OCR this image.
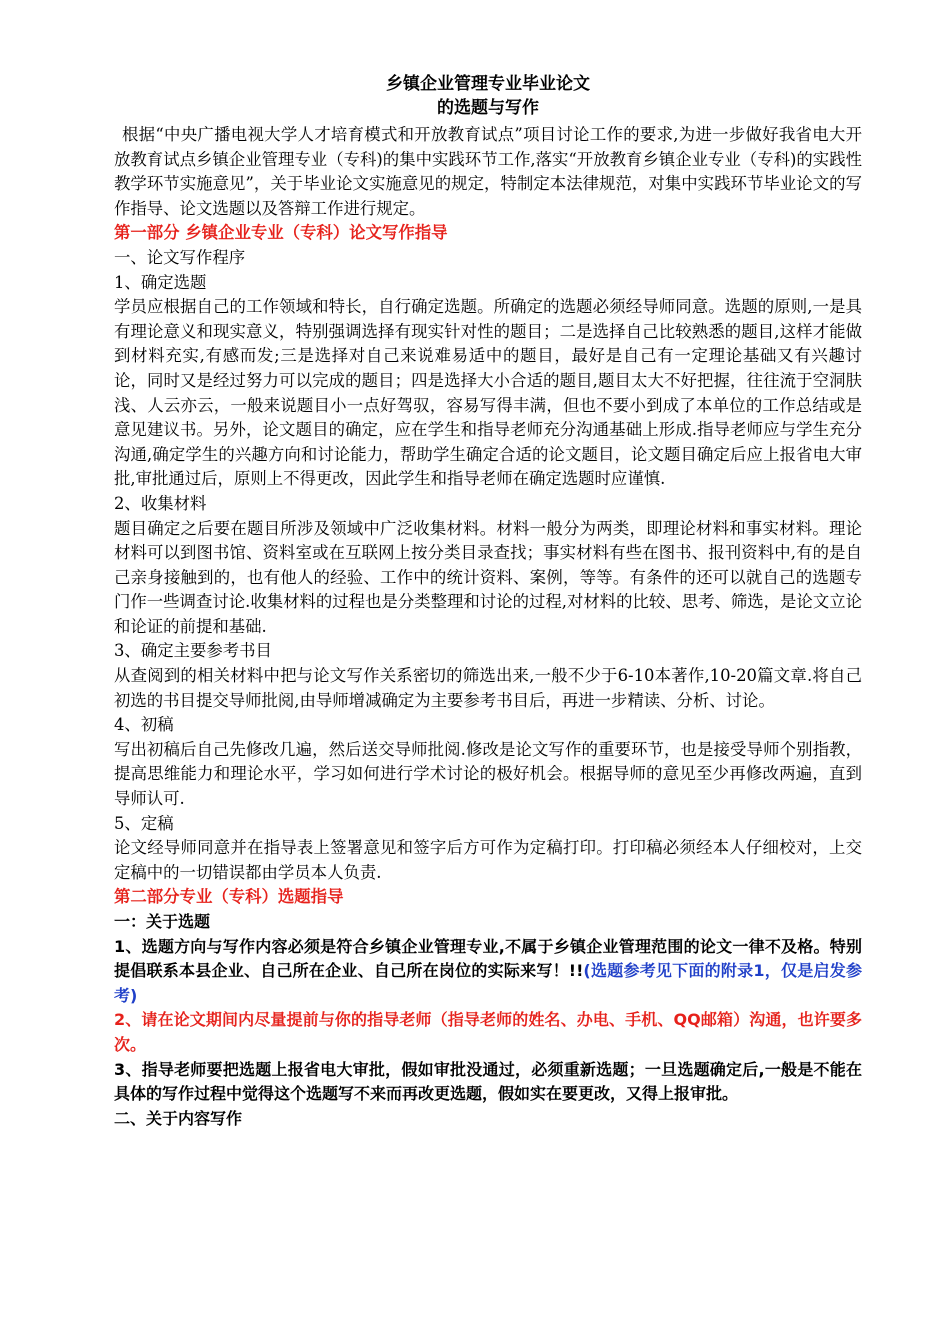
乡镇企业管理专业毕业论文
的选题与写作

根据“中央广播电视大学人才培育模式和开放教育试点”项目讨论工作的要求,为进一步做好我省电大开放教育试点乡镇企业管理专业（专科)的集中实践环节工作,落实“开放教育乡镇企业专业（专科)的实践性教学环节实施意见”，关于毕业论文实施意见的规定，特制定本法律规范，对集中实践环节毕业论文的写作指导、论文选题以及答辩工作进行规定。

第一部分 乡镇企业专业（专科）论文写作指导

一、论文写作程序

1、确定选题

学员应根据自己的工作领域和特长，自行确定选题。所确定的选题必须经导师同意。选题的原则,一是具有理论意义和现实意义，特别强调选择有现实针对性的题目；二是选择自己比较熟悉的题目,这样才能做到材料充实,有感而发;三是选择对自己来说难易适中的题目，最好是自己有一定理论基础又有兴趣讨论，同时又是经过努力可以完成的题目；四是选择大小合适的题目,题目太大不好把握，往往流于空洞肤浅、人云亦云，一般来说题目小一点好驾驭，容易写得丰满，但也不要小到成了本单位的工作总结或是意见建议书。另外，论文题目的确定，应在学生和指导老师充分沟通基础上形成.指导老师应与学生充分沟通,确定学生的兴趣方向和讨论能力，帮助学生确定合适的论文题目，论文题目确定后应上报省电大审批,审批通过后，原则上不得更改，因此学生和指导老师在确定选题时应谨慎.

2、收集材料

题目确定之后要在题目所涉及领域中广泛收集材料。材料一般分为两类，即理论材料和事实材料。理论材料可以到图书馆、资料室或在互联网上按分类目录查找；事实材料有些在图书、报刊资料中,有的是自己亲身接触到的，也有他人的经验、工作中的统计资料、案例，等等。有条件的还可以就自己的选题专门作一些调查讨论.收集材料的过程也是分类整理和讨论的过程,对材料的比较、思考、筛选，是论文立论和论证的前提和基础.

3、确定主要参考书目

从查阅到的相关材料中把与论文写作关系密切的筛选出来,一般不少于6-10本著作,10-20篇文章.将自己初选的书目提交导师批阅,由导师增减确定为主要参考书目后，再进一步精读、分析、讨论。

4、初稿

写出初稿后自己先修改几遍，然后送交导师批阅.修改是论文写作的重要环节，也是接受导师个别指教，提高思维能力和理论水平，学习如何进行学术讨论的极好机会。根据导师的意见至少再修改两遍，直到导师认可.

5、定稿

论文经导师同意并在指导表上签署意见和签字后方可作为定稿打印。打印稿必须经本人仔细校对，上交定稿中的一切错误都由学员本人负责.

第二部分专业（专科）选题指导

一：关于选题

1、选题方向与写作内容必须是符合乡镇企业管理专业,不属于乡镇企业管理范围的论文一律不及格。特别提倡联系本县企业、自己所在企业、自己所在岗位的实际来写！!!(选题参考见下面的附录1，仅是启发参考)

2、请在论文期间内尽量提前与你的指导老师（指导老师的姓名、办电、手机、QQ邮箱）沟通，也许要多次。

3、指导老师要把选题上报省电大审批，假如审批没通过，必须重新选题；一旦选题确定后,一般是不能在具体的写作过程中觉得这个选题写不来而再改更选题，假如实在要更改，又得上报审批。

二、关于内容写作
